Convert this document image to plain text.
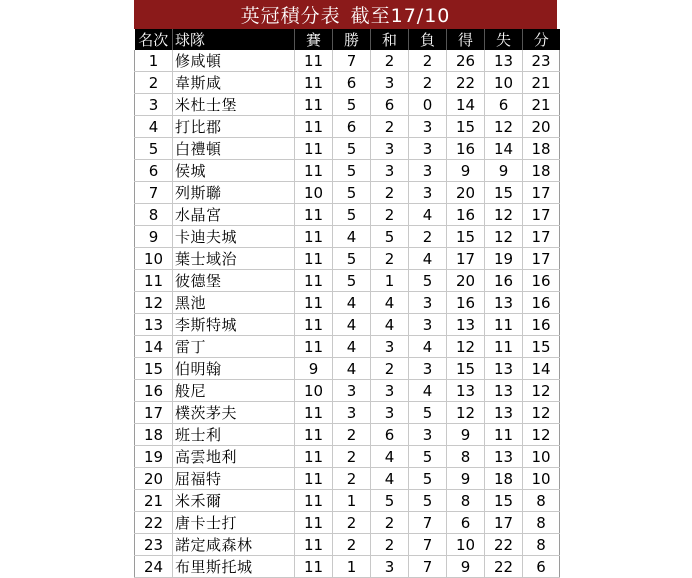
英冠積分表 截至17/10
名次	球隊	賽	勝	和	負	得	失	分
1	修咸頓	11	7	2	2	26	13	23
2	韋斯咸	11	6	3	2	22	10	21
3	米杜士堡	11	5	6	0	14	6	21
4	打比郡	11	6	2	3	15	12	20
5	白禮頓	11	5	3	3	16	14	18
6	侯城	11	5	3	3	9	9	18
7	列斯聯	10	5	2	3	20	15	17
8	水晶宮	11	5	2	4	16	12	17
9	卡迪夫城	11	4	5	2	15	12	17
10	葉士域治	11	5	2	4	17	19	17
11	彼德堡	11	5	1	5	20	16	16
12	黑池	11	4	4	3	16	13	16
13	李斯特城	11	4	4	3	13	11	16
14	雷丁	11	4	3	4	12	11	15
15	伯明翰	9	4	2	3	15	13	14
16	般尼	10	3	3	4	13	13	12
17	樸茨茅夫	11	3	3	5	12	13	12
18	班士利	11	2	6	3	9	11	12
19	高雲地利	11	2	4	5	8	13	10
20	屈福特	11	2	4	5	9	18	10
21	米禾爾	11	1	5	5	8	15	8
22	唐卡士打	11	2	2	7	6	17	8
23	諾定咸森林	11	2	2	7	10	22	8
24	布里斯托城	11	1	3	7	9	22	6
